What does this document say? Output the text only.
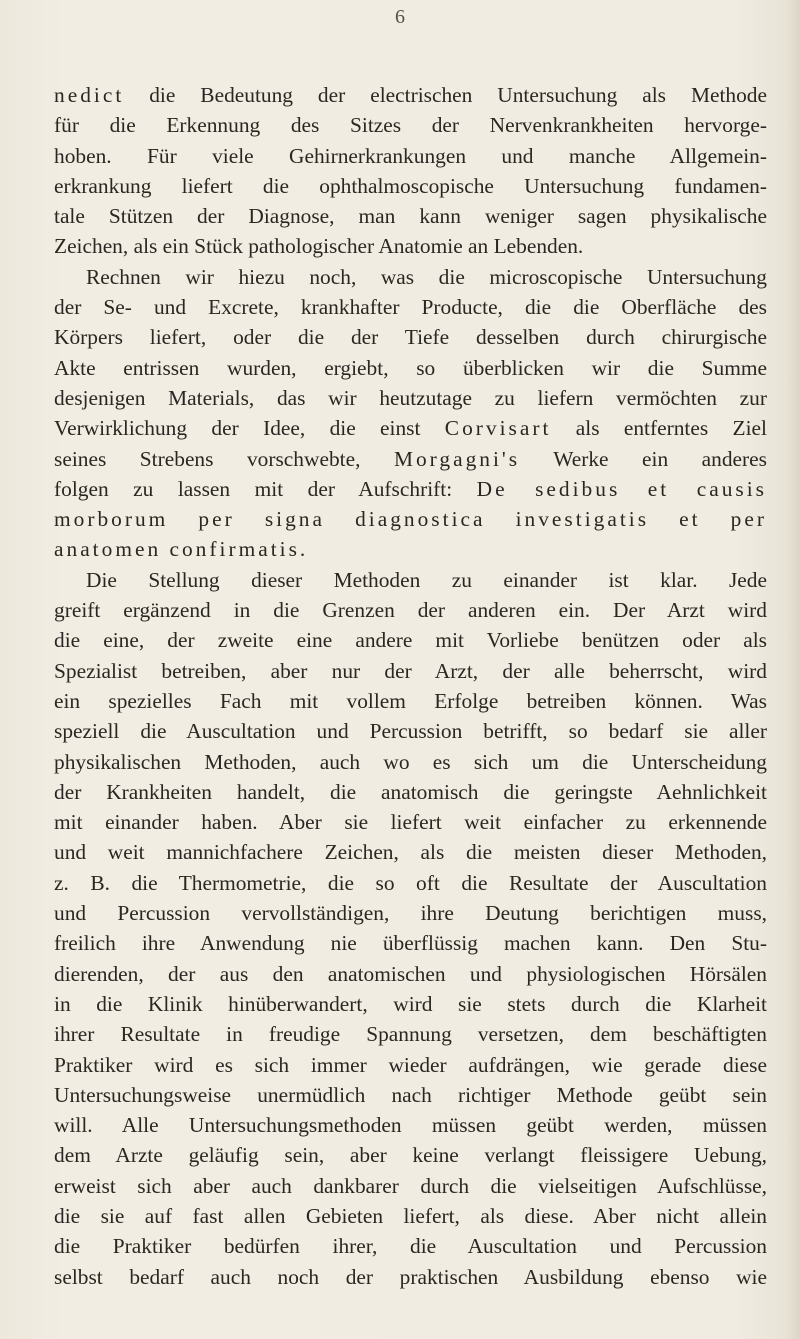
6
nedict die Bedeutung der electrischen Untersuchung als Methode
für die Erkennung des Sitzes der Nervenkrankheiten hervorge-
hoben. Für viele Gehirnerkrankungen und manche Allgemein-
erkrankung liefert die ophthalmoscopische Untersuchung fundamen-
tale Stützen der Diagnose, man kann weniger sagen physikalische
Zeichen, als ein Stück pathologischer Anatomie an Lebenden.
Rechnen wir hiezu noch, was die microscopische Untersuchung
der Se- und Excrete, krankhafter Producte, die die Oberfläche des
Körpers liefert, oder die der Tiefe desselben durch chirurgische
Akte entrissen wurden, ergiebt, so überblicken wir die Summe
desjenigen Materials, das wir heutzutage zu liefern vermöchten zur
Verwirklichung der Idee, die einst Corvisart als entferntes Ziel
seines Strebens vorschwebte, Morgagni's Werke ein anderes
folgen zu lassen mit der Aufschrift: De sedibus et causis
morborum per signa diagnostica investigatis et per
anatomen confirmatis.
Die Stellung dieser Methoden zu einander ist klar. Jede
greift ergänzend in die Grenzen der anderen ein. Der Arzt wird
die eine, der zweite eine andere mit Vorliebe benützen oder als
Spezialist betreiben, aber nur der Arzt, der alle beherrscht, wird
ein spezielles Fach mit vollem Erfolge betreiben können. Was
speziell die Auscultation und Percussion betrifft, so bedarf sie aller
physikalischen Methoden, auch wo es sich um die Unterscheidung
der Krankheiten handelt, die anatomisch die geringste Aehnlichkeit
mit einander haben. Aber sie liefert weit einfacher zu erkennende
und weit mannichfachere Zeichen, als die meisten dieser Methoden,
z. B. die Thermometrie, die so oft die Resultate der Auscultation
und Percussion vervollständigen, ihre Deutung berichtigen muss,
freilich ihre Anwendung nie überflüssig machen kann. Den Stu-
dierenden, der aus den anatomischen und physiologischen Hörsälen
in die Klinik hinüberwandert, wird sie stets durch die Klarheit
ihrer Resultate in freudige Spannung versetzen, dem beschäftigten
Praktiker wird es sich immer wieder aufdrängen, wie gerade diese
Untersuchungsweise unermüdlich nach richtiger Methode geübt sein
will. Alle Untersuchungsmethoden müssen geübt werden, müssen
dem Arzte geläufig sein, aber keine verlangt fleissigere Uebung,
erweist sich aber auch dankbarer durch die vielseitigen Aufschlüsse,
die sie auf fast allen Gebieten liefert, als diese. Aber nicht allein
die Praktiker bedürfen ihrer, die Auscultation und Percussion
selbst bedarf auch noch der praktischen Ausbildung ebenso wie
